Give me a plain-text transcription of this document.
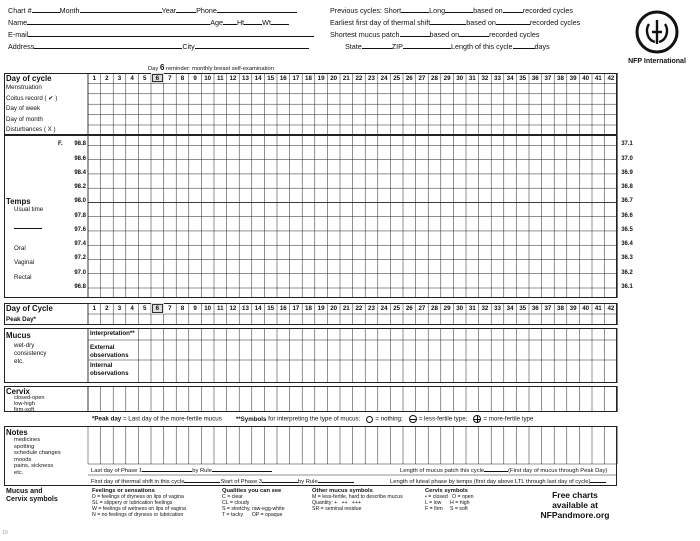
Chart #	Month	Year	Phone
Name	Age Ht	Wt
E-mail
Address	City
Previous cycles: Short	Long	based on	recorded cycles
Earliest first day of thermal shift	based on	recorded cycles
Shortest mucus patch	based on	recorded cycles
State	ZIP	Length of this cycle	days
NFP International
Day 6 reminder: monthly breast self-examination
Day of cycle
Menstruation
Coitus record ( ✔ )
Day of week
Day of month
Disturbances ( X )
1	2	3	4	5	6	7	8	9	10 11 12 13 14 15 16 17 18 19 20 21 22 23 24 25 26 27 28 29 30 31 32 33 34 35 36 37 38 39 40 41 42
98.8	37.1
98.6	37.0
98.4	36.9
98.2	36.8
98.0	36.7
97.8	36.6
97.6	36.5
97.4	36.4
97.2	36.3
97.0	36.2
96.8	36.1
F.
Temps
Usual time
Oral
Vaginal
Rectal
Day of Cycle
Peak Day*
1	2	3	4	5	6	7	8	9	10 11 12 13 14 15 16 17 18 19 20 21 22 23 24 25 26 27 28 29 30 31 32 33 34 35 36 37 38 39 40 41 42
Mucus
wet-dry
consistency
etc.
Interpretation**
External
observations
Internal
observations
Cervix
closed-open
low-high
firm-soft
*Peak day = Last day of the more-fertile mucus **Symbols for interpreting the type of mucus: = nothing;	= less-fertile type;	= more-fertile type
Notes
medicines
spotting
schedule changes
moods
pains, sickness
etc.	Last day of Phase 1	by Rule	Length of mucus patch this cycle	(First day of mucus through Peak Day)
First day of thermal shift in this cycle	Start of Phase 3	by Rule	Length of luteal phase by temps (first day above LTL through last day of cycle)
Mucus and
Cervix symbols
Feelings or sensations
D = feelings of dryness on lips of vagina
SL = slippery or lubrication feelings
W = feelings of wetness on lips of vagina
N = no feelings of dryness or lubrication
Qualities you can see
C = clear
CL = cloudy
S = stretchy, raw-egg-white
T = tacky      OP = opaque
Other mucus symbols
M = less-fertile, hard to describe mucus
Quantity: +   ++   +++
SR = seminal residue
Cervix symbols
• = closed   O = open
L = low      H = high
F = firm     S = soft
Free charts
available at
NFPandmore.org
10
